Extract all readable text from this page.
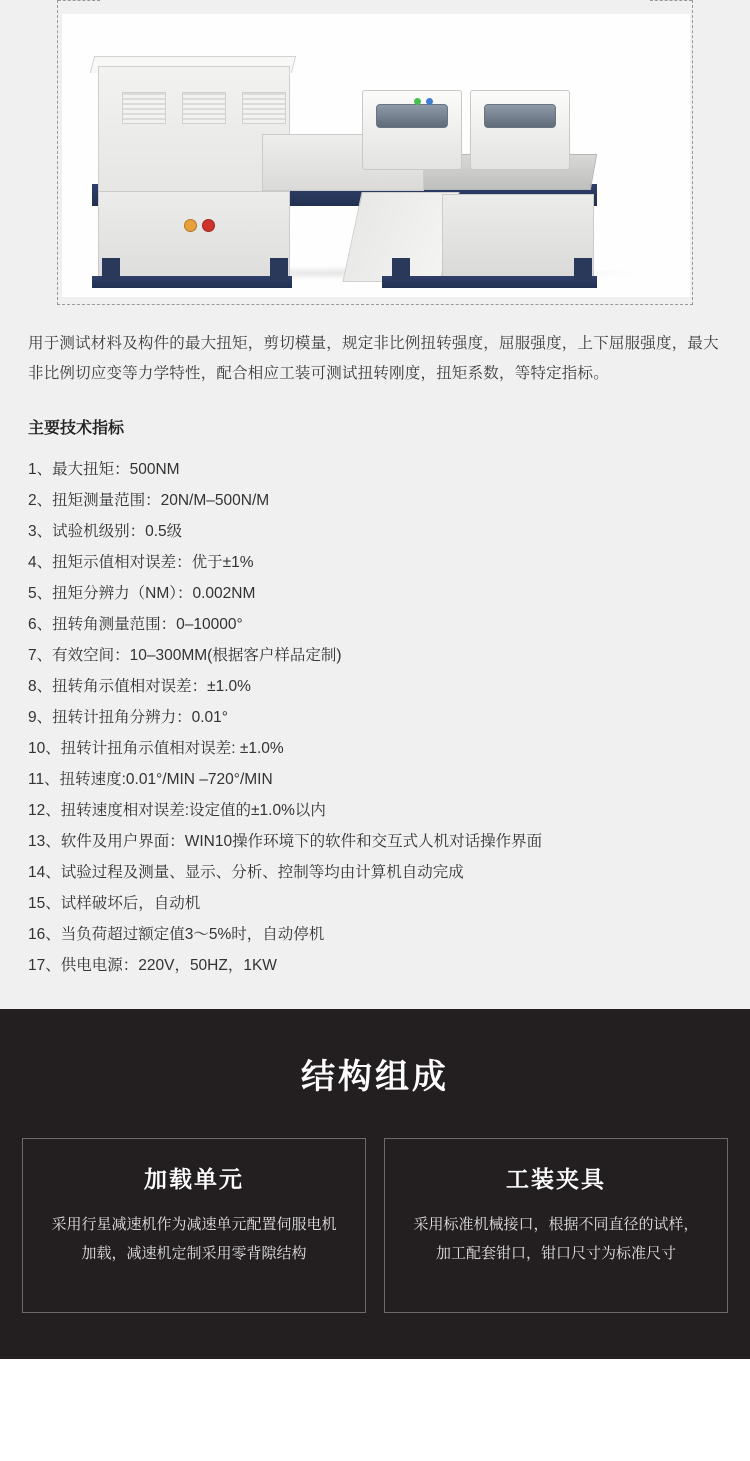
用于测试材料及构件的最大扭矩，剪切模量，规定非比例扭转强度，屈服强度，上下屈服强度，最大非比例切应变等力学特性，配合相应工装可测试扭转刚度，扭矩系数，等特定指标。

主要技术指标
1、最大扭矩：500NM
2、扭矩测量范围：20N/M–500N/M
3、试验机级别：0.5级
4、扭矩示值相对误差：优于±1%
5、扭矩分辨力（NM）：0.002NM
6、扭转角测量范围：0–10000°
7、有效空间：10–300MM(根据客户样品定制)
8、扭转角示值相对误差：±1.0%
9、扭转计扭角分辨力：0.01°
10、扭转计扭角示值相对误差: ±1.0%
11、扭转速度:0.01°/MIN –720°/MIN
12、扭转速度相对误差:设定值的±1.0%以内
13、软件及用户界面：WIN10操作环境下的软件和交互式人机对话操作界面
14、试验过程及测量、显示、分析、控制等均由计算机自动完成
15、试样破坏后，自动机
16、当负荷超过额定值3～5%时，自动停机
17、供电电源：220V，50HZ，1KW
结构组成
加载单元

采用行星减速机作为减速单元配置伺服电机加载，减速机定制采用零背隙结构

工装夹具

采用标准机械接口，根据不同直径的试样，加工配套钳口，钳口尺寸为标准尺寸
